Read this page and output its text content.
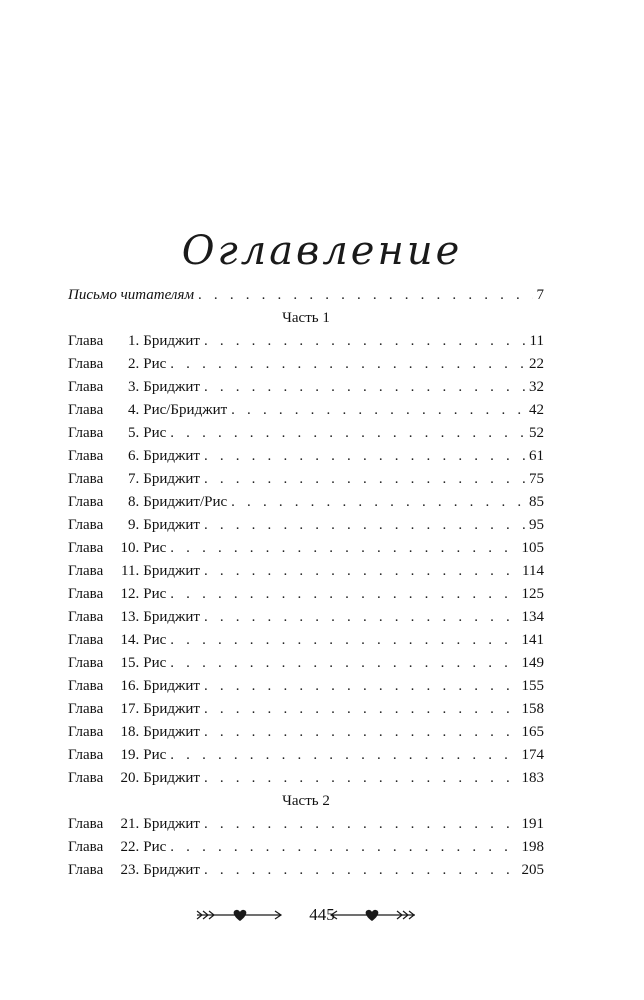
Оглавление
Письмо читателям . . .	7
Часть 1
Глава	1. Бриджит . . .	11
Глава	2. Рис . . .	22
Глава	3. Бриджит . . .	32
Глава	4. Рис/Бриджит . . .	42
Глава	5. Рис . . .	52
Глава	6. Бриджит . . .	61
Глава	7. Бриджит . . .	75
Глава	8. Бриджит/Рис . . .	85
Глава	9. Бриджит . . .	95
Глава	10. Рис . . .	105
Глава	11. Бриджит . . .	114
Глава	12. Рис . . .	125
Глава	13. Бриджит . . .	134
Глава	14. Рис . . .	141
Глава	15. Рис . . .	149
Глава	16. Бриджит . . .	155
Глава	17. Бриджит . . .	158
Глава	18. Бриджит . . .	165
Глава	19. Рис . . .	174
Глава	20. Бриджит . . .	183
Часть 2
Глава	21. Бриджит . . .	191
Глава	22. Рис . . .	198
Глава	23. Бриджит . . .	205
445
